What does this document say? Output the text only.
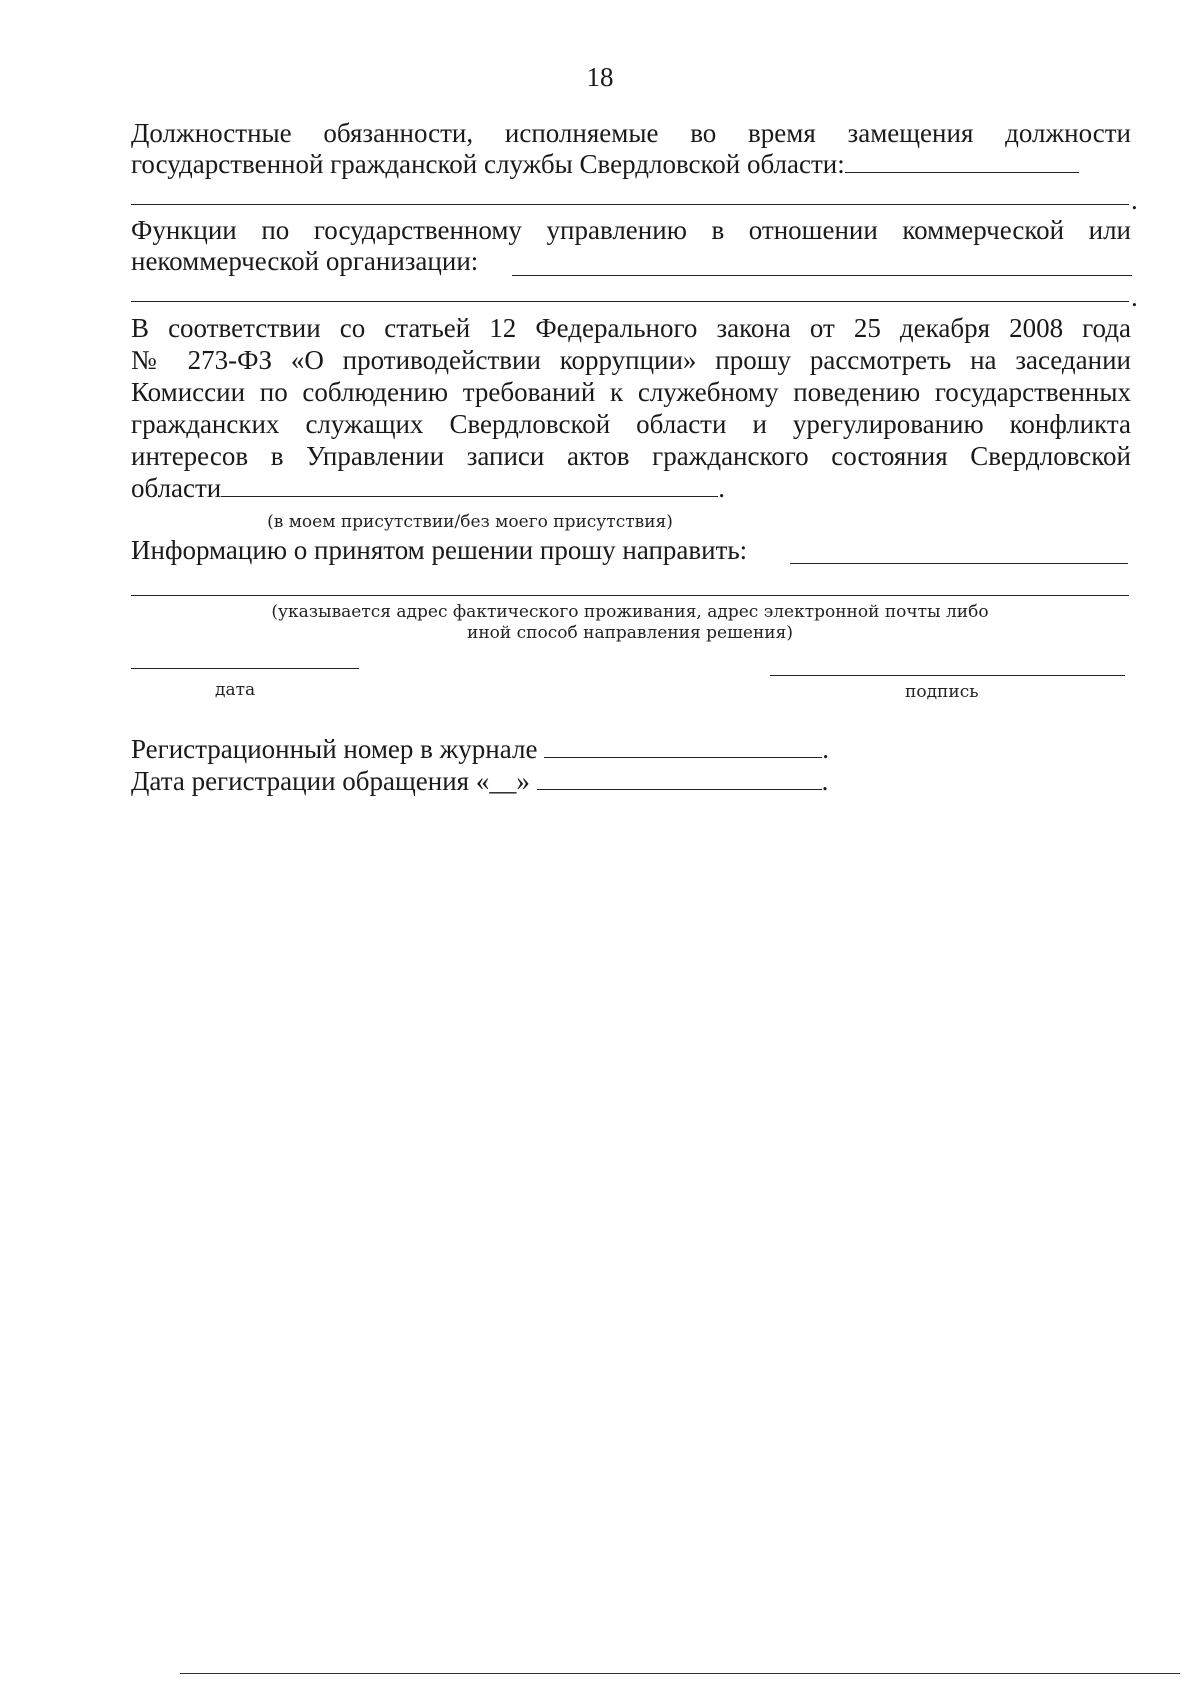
18
Должностные обязанности, исполняемые во время замещения должности
государственной гражданской службы Свердловской области:
.
Функции по государственному управлению в отношении коммерческой или
некоммерческой организации:
.
В соответствии со статьей 12 Федерального закона от 25 декабря 2008 года
№ 273-ФЗ «О противодействии коррупции» прошу рассмотреть на заседании
Комиссии по соблюдению требований к служебному поведению государственных
гражданских служащих Свердловской области и урегулированию конфликта
интересов в Управлении записи актов гражданского состояния Свердловской
области	.
(в моем присутствии/без моего присутствия)
Информацию о принятом решении прошу направить:
(указывается адрес фактического проживания, адрес электронной почты либо
иной способ направления решения)
дата	подпись
Регистрационный номер в журнале	.
Дата регистрации обращения «__»	.
